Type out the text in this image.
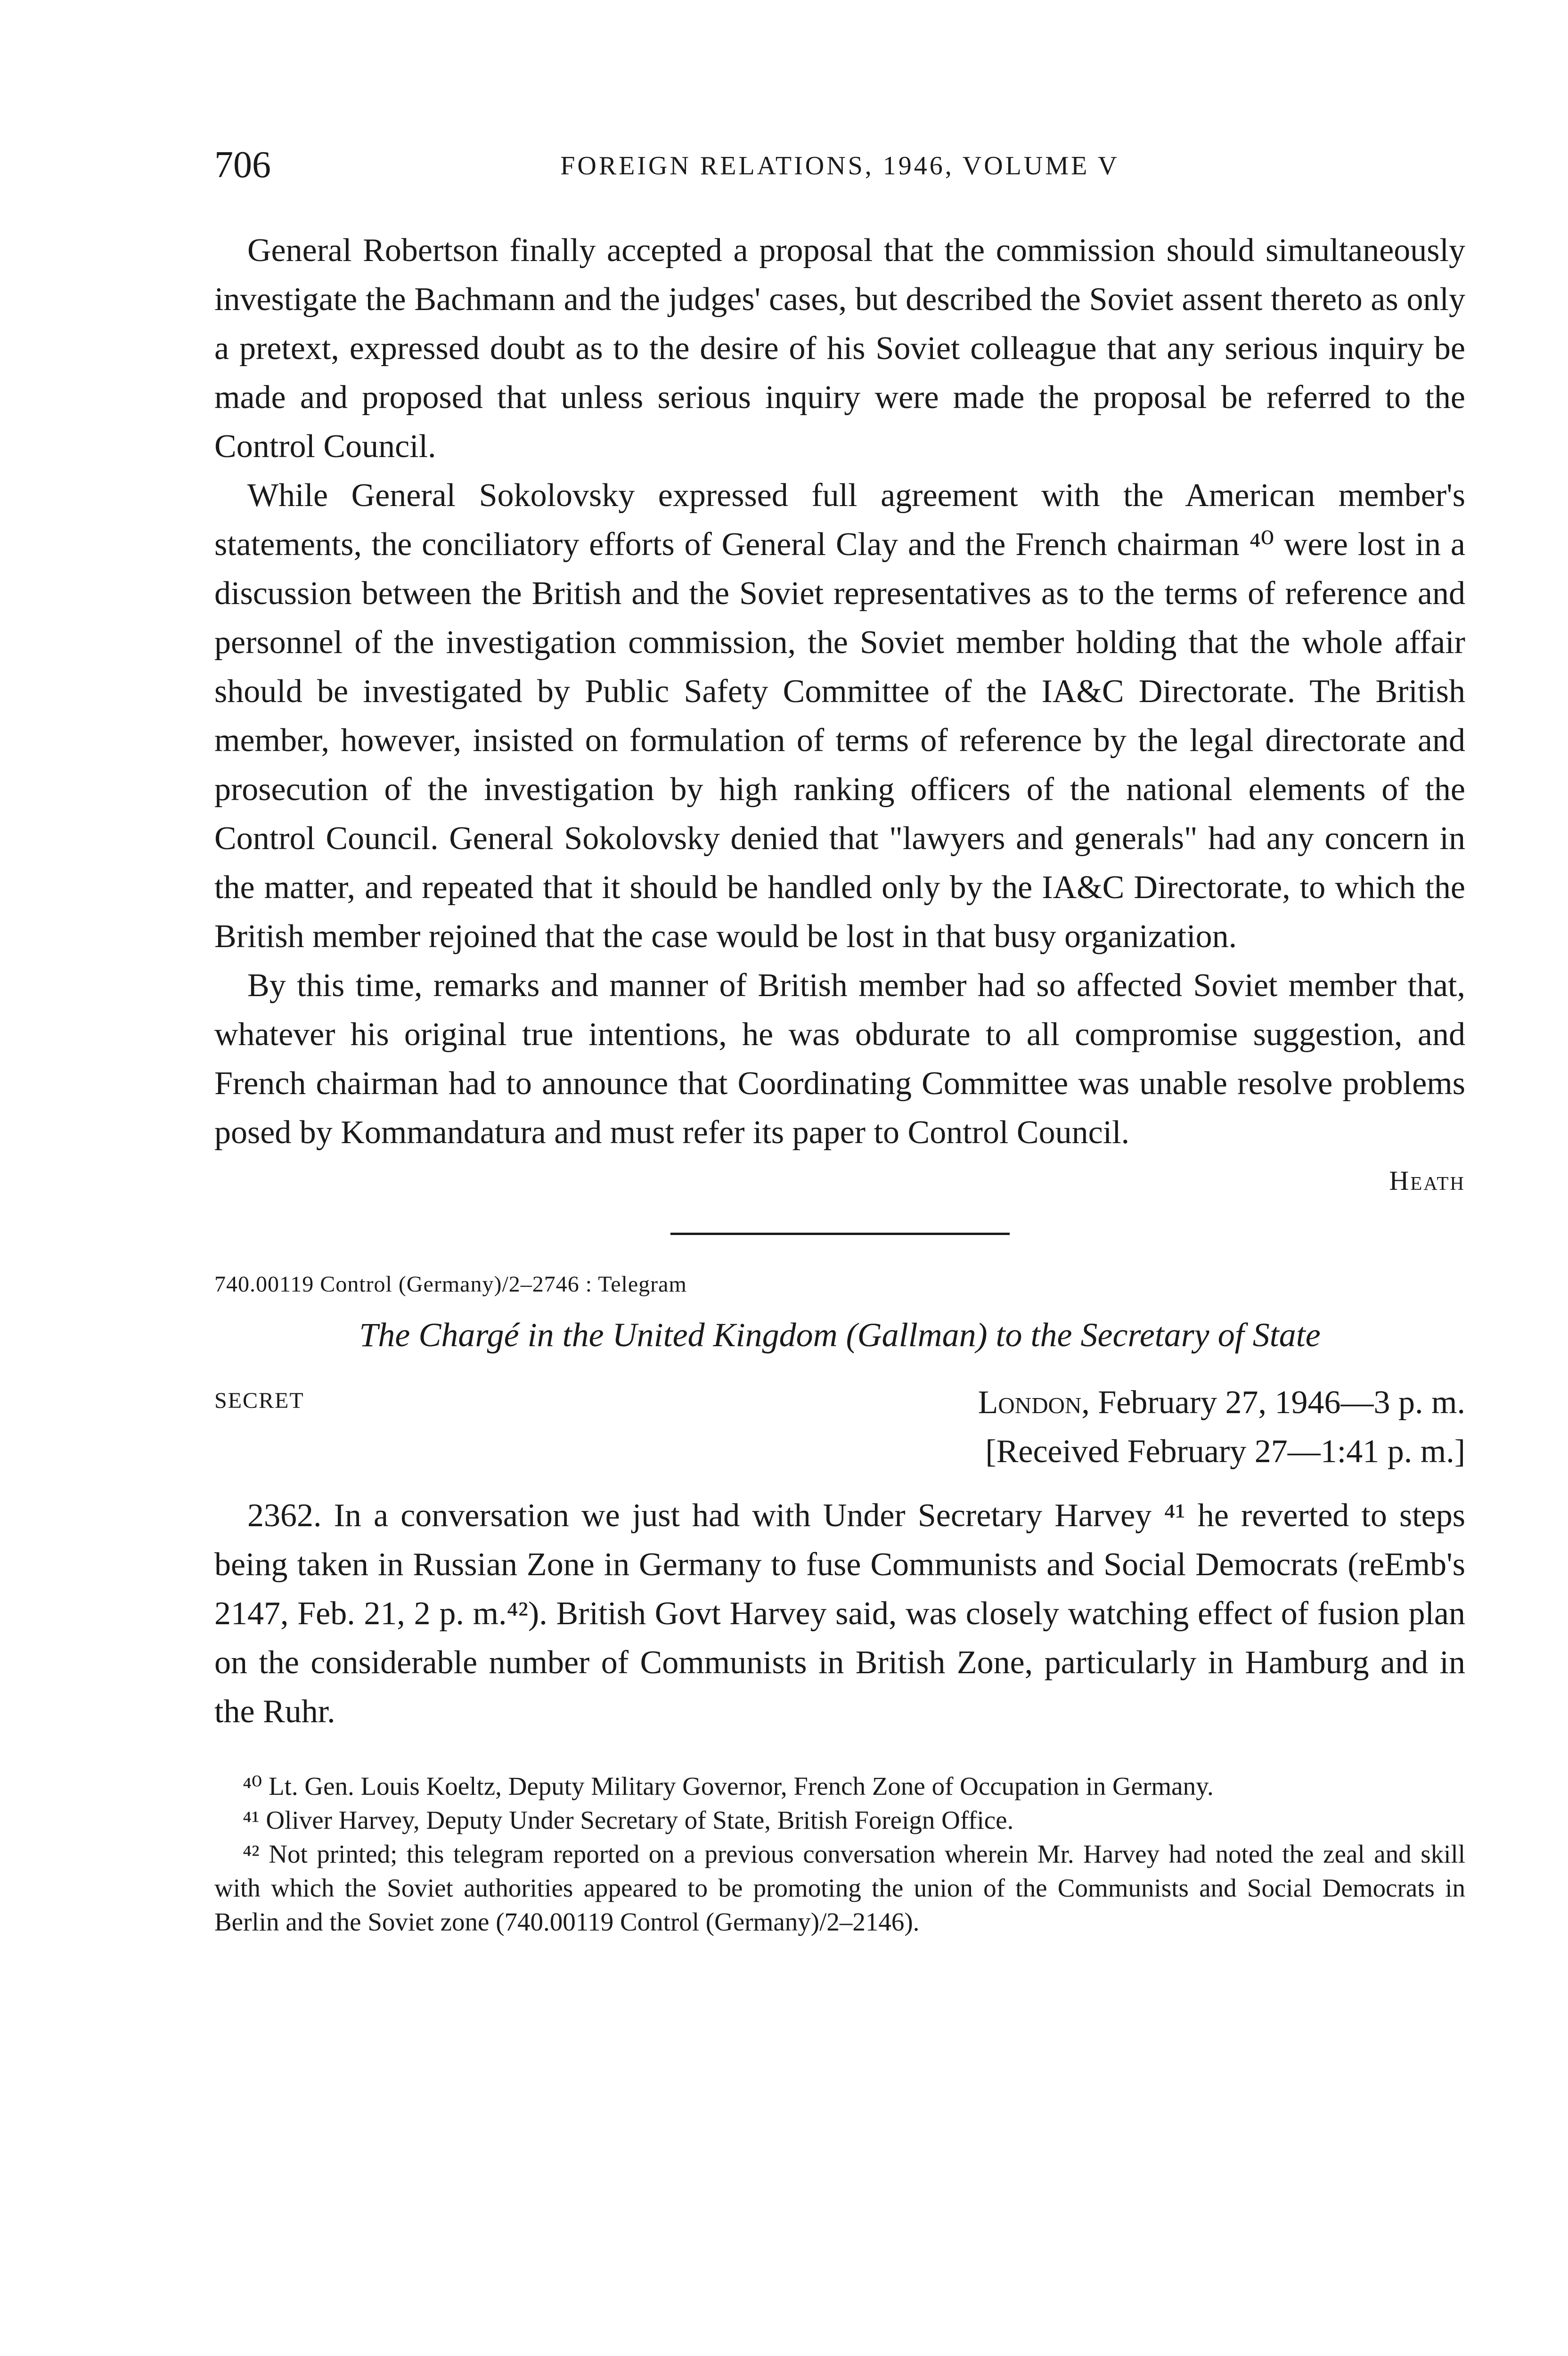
706	FOREIGN RELATIONS, 1946, VOLUME V

General Robertson finally accepted a proposal that the commission should simultaneously investigate the Bachmann and the judges' cases, but described the Soviet assent thereto as only a pretext, expressed doubt as to the desire of his Soviet colleague that any serious inquiry be made and proposed that unless serious inquiry were made the proposal be referred to the Control Council.

While General Sokolovsky expressed full agreement with the American member's statements, the conciliatory efforts of General Clay and the French chairman ⁴⁰ were lost in a discussion between the British and the Soviet representatives as to the terms of reference and personnel of the investigation commission, the Soviet member holding that the whole affair should be investigated by Public Safety Committee of the IA&C Directorate. The British member, however, insisted on formulation of terms of reference by the legal directorate and prosecution of the investigation by high ranking officers of the national elements of the Control Council. General Sokolovsky denied that "lawyers and generals" had any concern in the matter, and repeated that it should be handled only by the IA&C Directorate, to which the British member rejoined that the case would be lost in that busy organization.

By this time, remarks and manner of British member had so affected Soviet member that, whatever his original true intentions, he was obdurate to all compromise suggestion, and French chairman had to announce that Coordinating Committee was unable resolve problems posed by Kommandatura and must refer its paper to Control Council.

Heath
740.00119 Control (Germany)/2–2746 : Telegram

The Chargé in the United Kingdom (Gallman) to the Secretary of State

SECRET	London, February 27, 1946—3 p. m.
[Received February 27—1:41 p. m.]

2362. In a conversation we just had with Under Secretary Harvey ⁴¹ he reverted to steps being taken in Russian Zone in Germany to fuse Communists and Social Democrats (reEmb's 2147, Feb. 21, 2 p. m.⁴²). British Govt Harvey said, was closely watching effect of fusion plan on the considerable number of Communists in British Zone, particularly in Hamburg and in the Ruhr.

⁴⁰ Lt. Gen. Louis Koeltz, Deputy Military Governor, French Zone of Occupation in Germany.

⁴¹ Oliver Harvey, Deputy Under Secretary of State, British Foreign Office.

⁴² Not printed; this telegram reported on a previous conversation wherein Mr. Harvey had noted the zeal and skill with which the Soviet authorities appeared to be promoting the union of the Communists and Social Democrats in Berlin and the Soviet zone (740.00119 Control (Germany)/2–2146).
